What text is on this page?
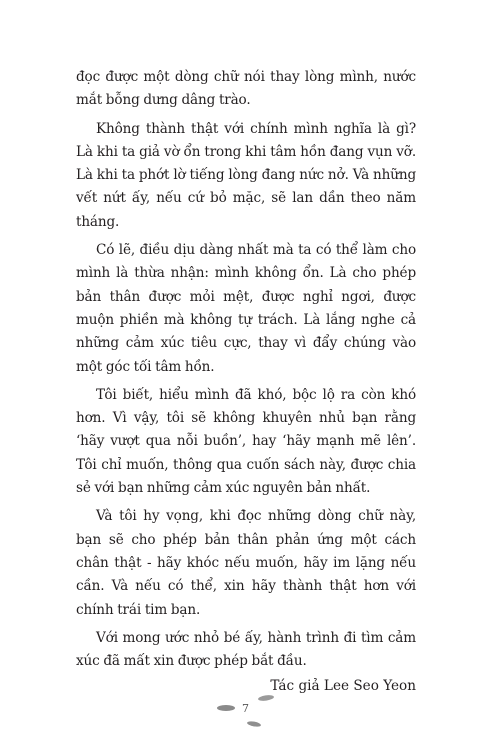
đọc được một dòng chữ nói thay lòng mình, nước mắt bỗng dưng dâng trào.

Không thành thật với chính mình nghĩa là gì? Là khi ta giả vờ ổn trong khi tâm hồn đang vụn vỡ. Là khi ta phớt lờ tiếng lòng đang nức nở. Và những vết nứt ấy, nếu cứ bỏ mặc, sẽ lan dần theo năm tháng.

Có lẽ, điều dịu dàng nhất mà ta có thể làm cho mình là thừa nhận: mình không ổn. Là cho phép bản thân được mỏi mệt, được nghỉ ngơi, được muộn phiền mà không tự trách. Là lắng nghe cả những cảm xúc tiêu cực, thay vì đẩy chúng vào một góc tối tâm hồn.

Tôi biết, hiểu mình đã khó, bộc lộ ra còn khó hơn. Vì vậy, tôi sẽ không khuyên nhủ bạn rằng ‘hãy vượt qua nỗi buồn’, hay ‘hãy mạnh mẽ lên’. Tôi chỉ muốn, thông qua cuốn sách này, được chia sẻ với bạn những cảm xúc nguyên bản nhất.

Và tôi hy vọng, khi đọc những dòng chữ này, bạn sẽ cho phép bản thân phản ứng một cách chân thật - hãy khóc nếu muốn, hãy im lặng nếu cần. Và nếu có thể, xin hãy thành thật hơn với chính trái tim bạn.

Với mong ước nhỏ bé ấy, hành trình đi tìm cảm xúc đã mất xin được phép bắt đầu.

Tác giả Lee Seo Yeon

7
